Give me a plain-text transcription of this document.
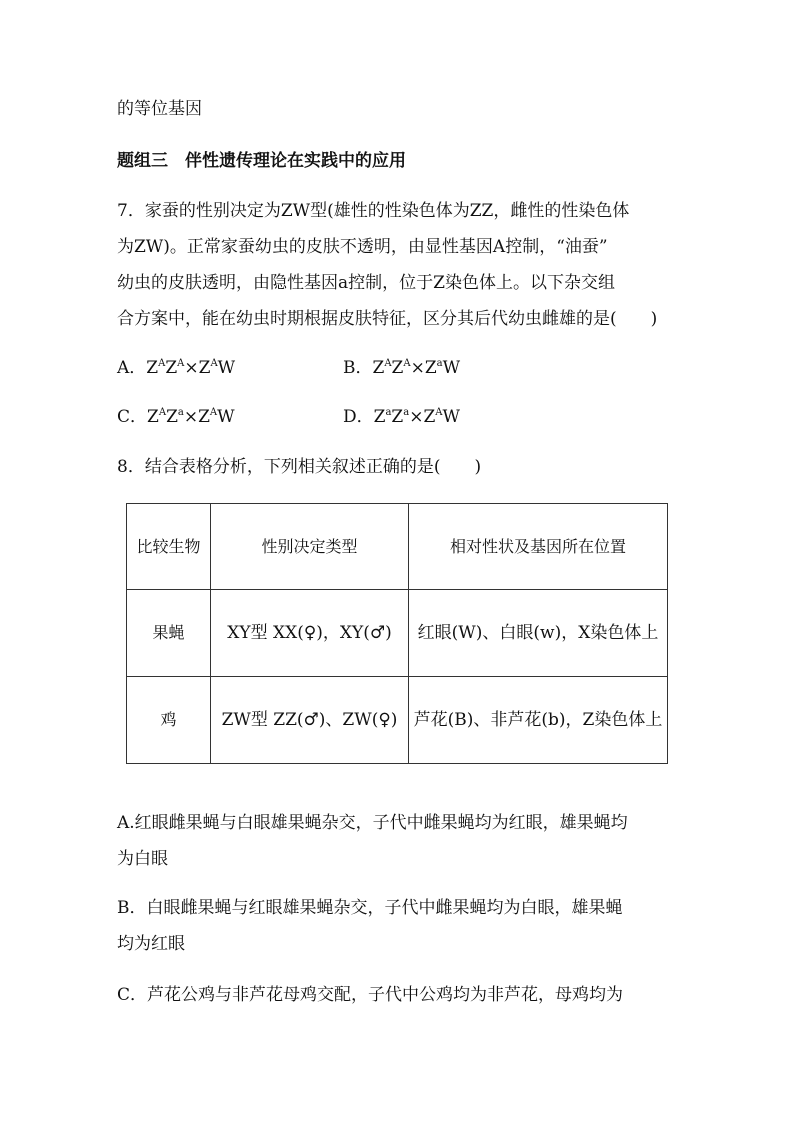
的等位基因
题组三　伴性遗传理论在实践中的应用
7．家蚕的性别决定为ZW型(雄性的性染色体为ZZ，雌性的性染色体
为ZW)。正常家蚕幼虫的皮肤不透明，由显性基因A控制，“油蚕”
幼虫的皮肤透明，由隐性基因a控制，位于Z染色体上。以下杂交组
合方案中，能在幼虫时期根据皮肤特征，区分其后代幼虫雌雄的是(　　)
A．$Z^AZ^A\times Z^AW$	B．$Z^AZ^A\times Z^aW$
C．$Z^AZ^a\times Z^AW$	D．$Z^aZ^a\times Z^AW$
8．结合表格分析，下列相关叙述正确的是(　　)
比较生物	性别决定类型	相对性状及基因所在位置
果蝇	XY型 XX(♀)，XY(♂)	红眼(W)、白眼(w)，X染色体上
鸡	ZW型 ZZ(♂)、ZW(♀)	芦花(B)、非芦花(b)，Z染色体上
A.红眼雌果蝇与白眼雄果蝇杂交，子代中雌果蝇均为红眼，雄果蝇均
为白眼
B．白眼雌果蝇与红眼雄果蝇杂交，子代中雌果蝇均为白眼，雄果蝇
均为红眼
C．芦花公鸡与非芦花母鸡交配，子代中公鸡均为非芦花，母鸡均为
